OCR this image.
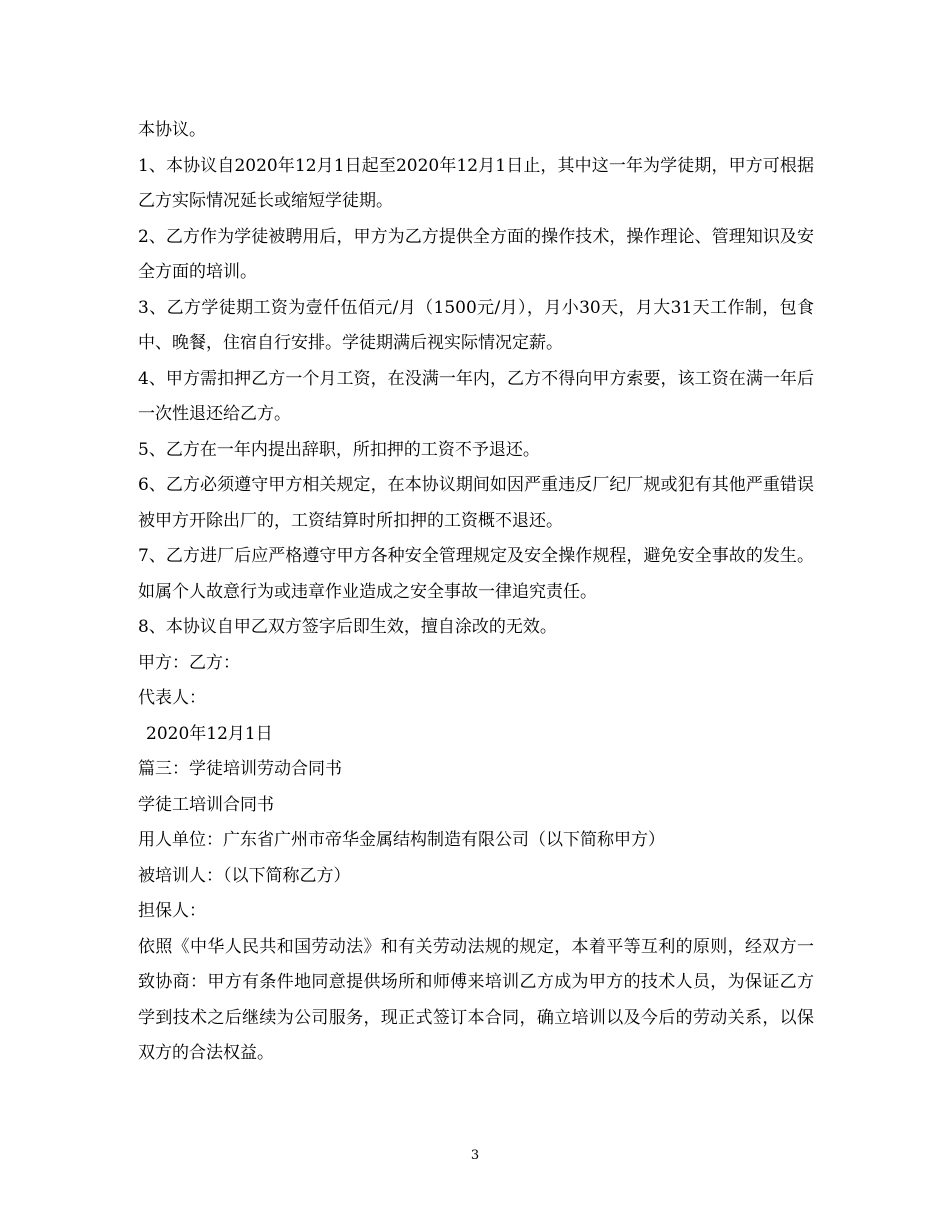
本协议。

1、本协议自2020年12月1日起至2020年12月1日止，其中这一年为学徒期，甲方可根据乙方实际情况延长或缩短学徒期。

2、乙方作为学徒被聘用后，甲方为乙方提供全方面的操作技术，操作理论、管理知识及安全方面的培训。

3、乙方学徒期工资为壹仟伍佰元/月（1500元/月），月小30天，月大31天工作制，包食中、晚餐，住宿自行安排。学徒期满后视实际情况定薪。

4、甲方需扣押乙方一个月工资，在没满一年内，乙方不得向甲方索要，该工资在满一年后一次性退还给乙方。

5、乙方在一年内提出辞职，所扣押的工资不予退还。

6、乙方必须遵守甲方相关规定，在本协议期间如因严重违反厂纪厂规或犯有其他严重错误被甲方开除出厂的，工资结算时所扣押的工资概不退还。

7、乙方进厂后应严格遵守甲方各种安全管理规定及安全操作规程，避免安全事故的发生。如属个人故意行为或违章作业造成之安全事故一律追究责任。

8、本协议自甲乙双方签字后即生效，擅自涂改的无效。

甲方：乙方：

代表人：

2020年12月1日

篇三：学徒培训劳动合同书

学徒工培训合同书

用人单位：广东省广州市帝华金属结构制造有限公司（以下简称甲方）

被培训人：（以下简称乙方）

担保人：

依照《中华人民共和国劳动法》和有关劳动法规的规定，本着平等互利的原则，经双方一致协商：甲方有条件地同意提供场所和师傅来培训乙方成为甲方的技术人员，为保证乙方学到技术之后继续为公司服务，现正式签订本合同，确立培训以及今后的劳动关系，以保双方的合法权益。

3
